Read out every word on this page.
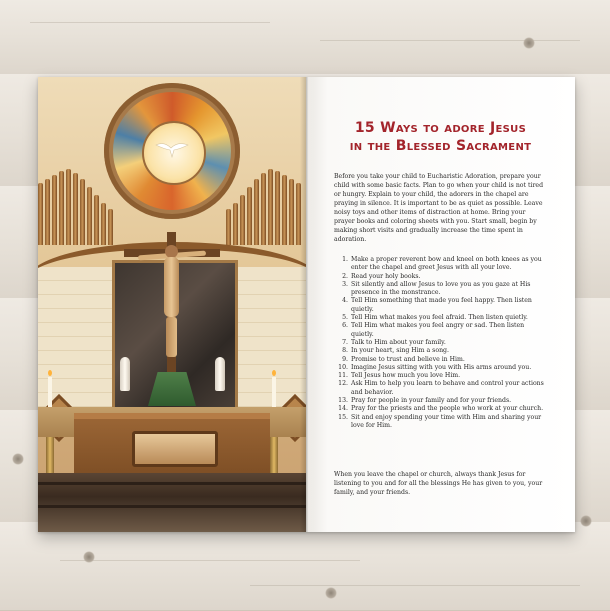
15 Ways to adore Jesus
in the Blessed Sacrament

Before you take your child to Eucharistic Adoration, prepare your child with some basic facts. Plan to go when your child is not tired or hungry. Explain to your child, the adorers in the chapel are praying in silence. It is important to be as quiet as possible. Leave noisy toys and other items of distraction at home. Bring your prayer books and coloring sheets with you. Start small, begin by making short visits and gradually increase the time spent in adoration.

1. Make a proper reverent bow and kneel on both knees as you enter the chapel and greet Jesus with all your love.
2. Read your holy books.
3. Sit silently and allow Jesus to love you as you gaze at His presence in the monstrance.
4. Tell Him something that made you feel happy. Then listen quietly.
5. Tell Him what makes you feel afraid. Then listen quietly.
6. Tell Him what makes you feel angry or sad. Then listen quietly.
7. Talk to Him about your family.
8. In your heart, sing Him a song.
9. Promise to trust and believe in Him.
10. Imagine Jesus sitting with you with His arms around you.
11. Tell Jesus how much you love Him.
12. Ask Him to help you learn to behave and control your actions and behavior.
13. Pray for people in your family and for your friends.
14. Pray for the priests and the people who work at your church.
15. Sit and enjoy spending your time with Him and sharing your love for Him.

When you leave the chapel or church, always thank Jesus for listening to you and for all the blessings He has given to you, your family, and your friends.
